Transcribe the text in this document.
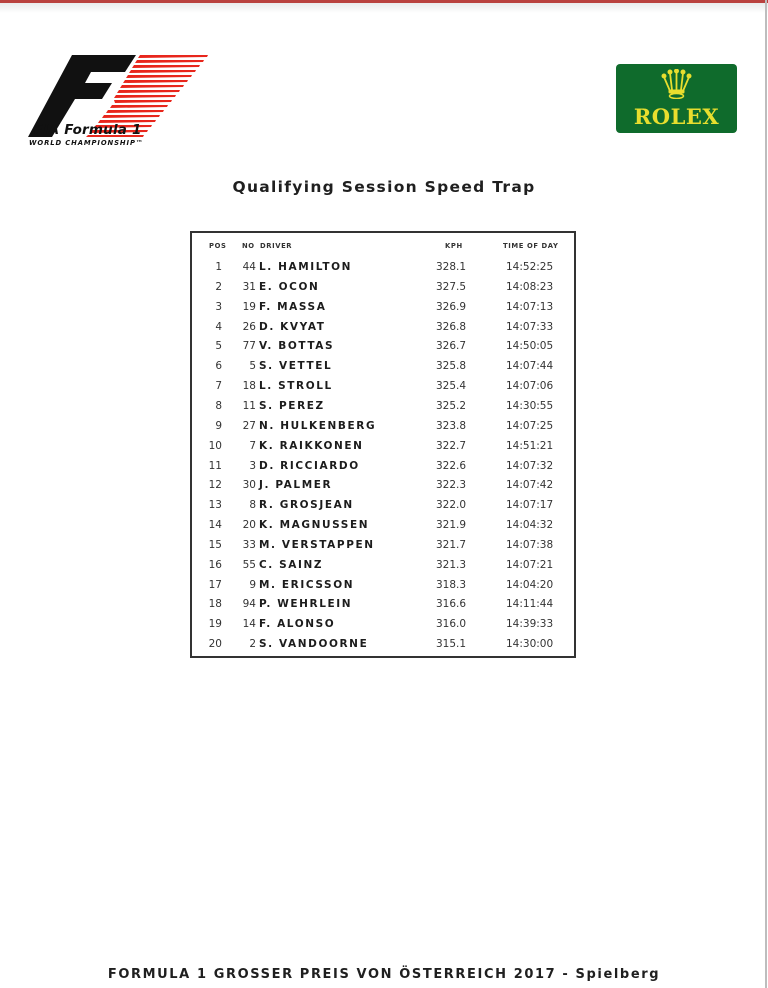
FIA Formula 1
WORLD CHAMPIONSHIP™
ROLEX
Qualifying Session Speed Trap
POS NO DRIVER	KPH	TIME OF DAY
1 44 L. HAMILTON	328.1	14:52:25
2 31 E. OCON	327.5	14:08:23
3 19 F. MASSA	326.9	14:07:13
4 26 D. KVYAT	326.8	14:07:33
5 77 V. BOTTAS	326.7	14:50:05
6	5 S. VETTEL	325.8	14:07:44
7 18 L. STROLL	325.4	14:07:06
8 11 S. PEREZ	325.2	14:30:55
9 27 N. HULKENBERG	323.8	14:07:25
10	7 K. RAIKKONEN	322.7	14:51:21
11	3 D. RICCIARDO	322.6	14:07:32
12 30 J. PALMER	322.3	14:07:42
13	8 R. GROSJEAN	322.0	14:07:17
14 20 K. MAGNUSSEN	321.9	14:04:32
15 33 M. VERSTAPPEN	321.7	14:07:38
16 55 C. SAINZ	321.3	14:07:21
17	9 M. ERICSSON	318.3	14:04:20
18 94 P. WEHRLEIN	316.6	14:11:44
19 14 F. ALONSO	316.0	14:39:33
20	2 S. VANDOORNE	315.1	14:30:00
FORMULA 1 GROSSER PREIS VON ÖSTERREICH 2017 - Spielberg
